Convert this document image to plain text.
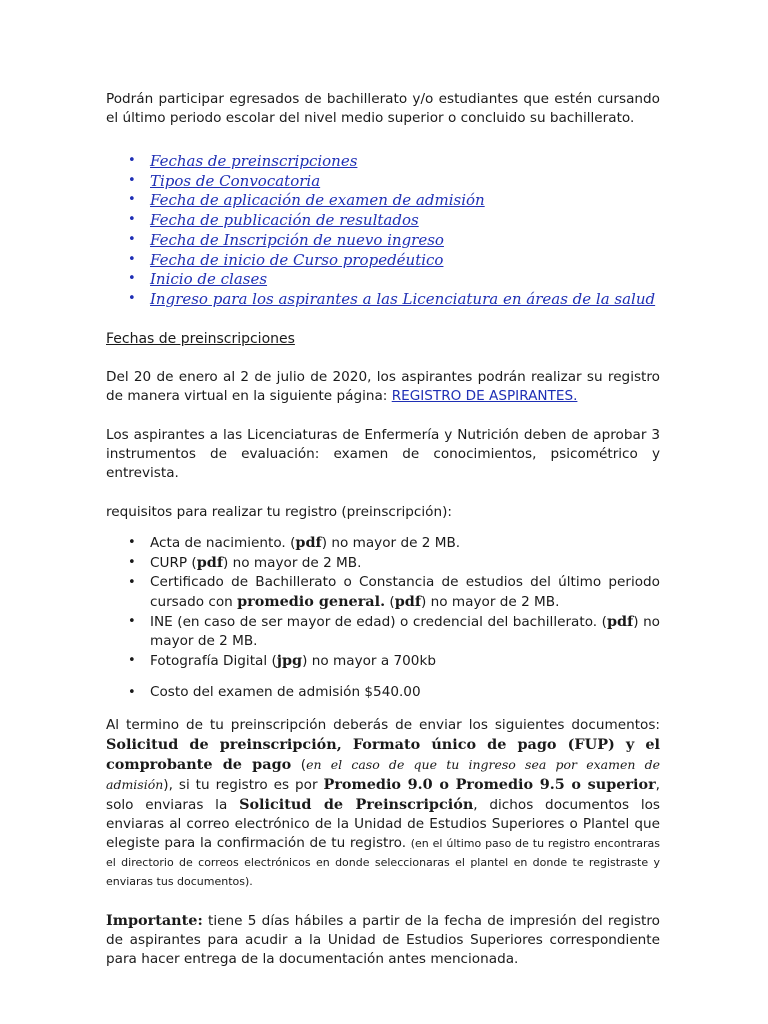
Podrán participar egresados de bachillerato y/o estudiantes que estén cursando el último periodo escolar del nivel medio superior o concluido su bachillerato.

• Fechas de preinscripciones
• Tipos de Convocatoria
• Fecha de aplicación de examen de admisión
• Fecha de publicación de resultados
• Fecha de Inscripción de nuevo ingreso
• Fecha de inicio de Curso propedéutico
• Inicio de clases
• Ingreso para los aspirantes a las Licenciatura en áreas de la salud
Fechas de preinscripciones

Del 20 de enero al 2 de julio de 2020, los aspirantes podrán realizar su registro de manera virtual en la siguiente página: REGISTRO DE ASPIRANTES.

Los aspirantes a las Licenciaturas de Enfermería y Nutrición deben de aprobar 3 instrumentos de evaluación: examen de conocimientos, psicométrico y entrevista.

requisitos para realizar tu registro (preinscripción):

• Acta de nacimiento. (pdf) no mayor de 2 MB.
• CURP (pdf) no mayor de 2 MB.
• Certificado de Bachillerato o Constancia de estudios del último periodo cursado con promedio general. (pdf) no mayor de 2 MB.
• INE (en caso de ser mayor de edad) o credencial del bachillerato. (pdf) no mayor de 2 MB.
• Fotografía Digital (jpg) no mayor a 700kb
• Costo del examen de admisión $540.00

Al termino de tu preinscripción deberás de enviar los siguientes documentos: Solicitud de preinscripción, Formato único de pago (FUP) y el comprobante de pago (en el caso de que tu ingreso sea por examen de admisión), si tu registro es por Promedio 9.0 o Promedio 9.5 o superior, solo enviaras la Solicitud de Preinscripción, dichos documentos los enviaras al correo electrónico de la Unidad de Estudios Superiores o Plantel que elegiste para la confirmación de tu registro. (en el último paso de tu registro encontraras el directorio de correos electrónicos en donde seleccionaras el plantel en donde te registraste y enviaras tus documentos).

Importante: tiene 5 días hábiles a partir de la fecha de impresión del registro de aspirantes para acudir a la Unidad de Estudios Superiores correspondiente para hacer entrega de la documentación antes mencionada.
